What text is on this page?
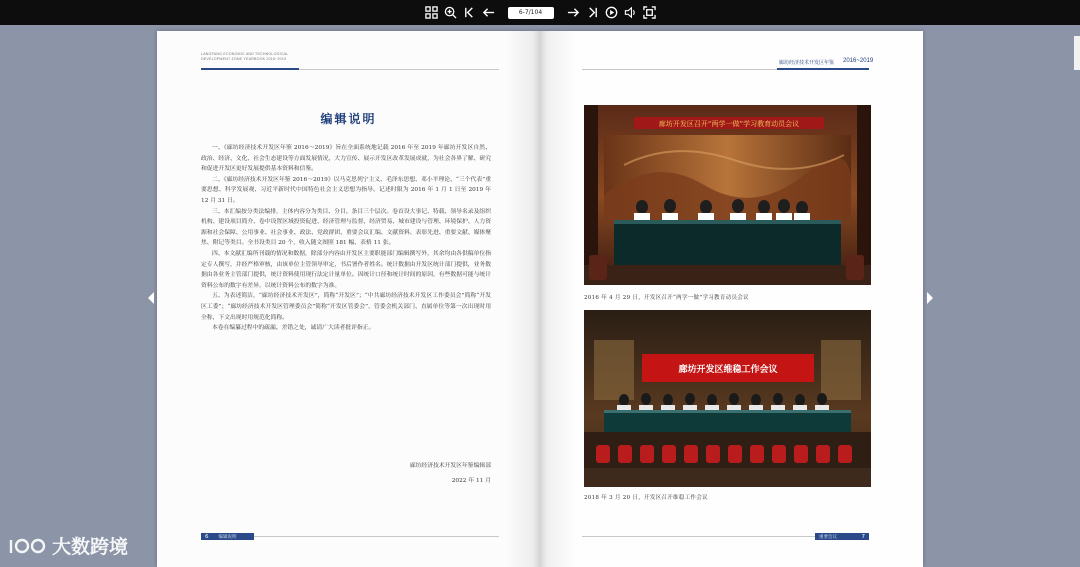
6-7/104
LANGFANG ECONOMIC AND TECHNOLOGICAL DEVELOPMENT ZONE YEARBOOK 2016~2019
编辑说明

一、《廊坊经济技术开发区年鉴 2016～2019》旨在全面系统地记载 2016 年至 2019 年廊坊开发区自然、政治、经济、文化、社会生态建设等方面发展情况，大力宣传、展示开发区改革发展成就，为社会各界了解、研究和促进开发区更好发展提供基本资料和信鉴。

二、《廊坊经济技术开发区年鉴 2016～2019》以马克思列宁主义、毛泽东思想、邓小平理论、“三个代表”重要思想、科学发展观、习近平新时代中国特色社会主义思想为指导。记述时限为 2016 年 1 月 1 日至 2019 年 12 月 31 日。

三、本汇编按分类法编排，主体内容分为类目、分目、条目三个层次。卷首设大事记、特载、领导名录及组织机构、建设项目简介、卷中设置区域投资促进、经济管理与监督、经济贸易、城市建设与管理、环境保护、人力资源和社会保障、公用事业、社会事业、政法、党政群团、重要会议汇编、文献资料、表彰先进、重要文献、媒体聚焦、附记等类目。全书设类目 20 个，收入随文图照 181 幅、表格 11 张。

四、本文献汇编所刊载的情况和数据，除部分内容由开发区主要职能部门编辑撰写外，其余均由各供稿单位指定专人撰写，并经严格审核，由该单位主管领导审定，书后署作者姓名。统计数据由开发区统计部门提供，业务数据由各业务主管部门提供，统计资料使用现行法定计量单位。因统计口径和统计时间的原因，有些数据可能与统计资料公布的数字有差异，以统计资料公布的数字为准。

五、为表述简洁，“廊坊经济技术开发区”，简称“开发区”；“中共廊坊经济技术开发区工作委员会”简称“开发区工委”；“廊坊经济技术开发区管理委员会”简称“开发区管委会”，管委会机关部门、直属单位等第一次出现时用全称，下文出现时用规范化简称。

本卷在编纂过程中的疏漏、差错之处，诚请广大读者批评指正。

廊坊经济技术开发区年鉴编辑部
2022 年 11 月
6 编辑说明
廊坊经济技术开发区年鉴 2016~2019
廊坊开发区召开“两学一做”学习教育动员会议
2016 年 4 月 29 日，开发区召开“两学一做”学习教育动员会议
廊坊开发区维稳工作会议
2018 年 3 月 20 日，开发区召开维稳工作会议
重要会议	7
大数跨境
